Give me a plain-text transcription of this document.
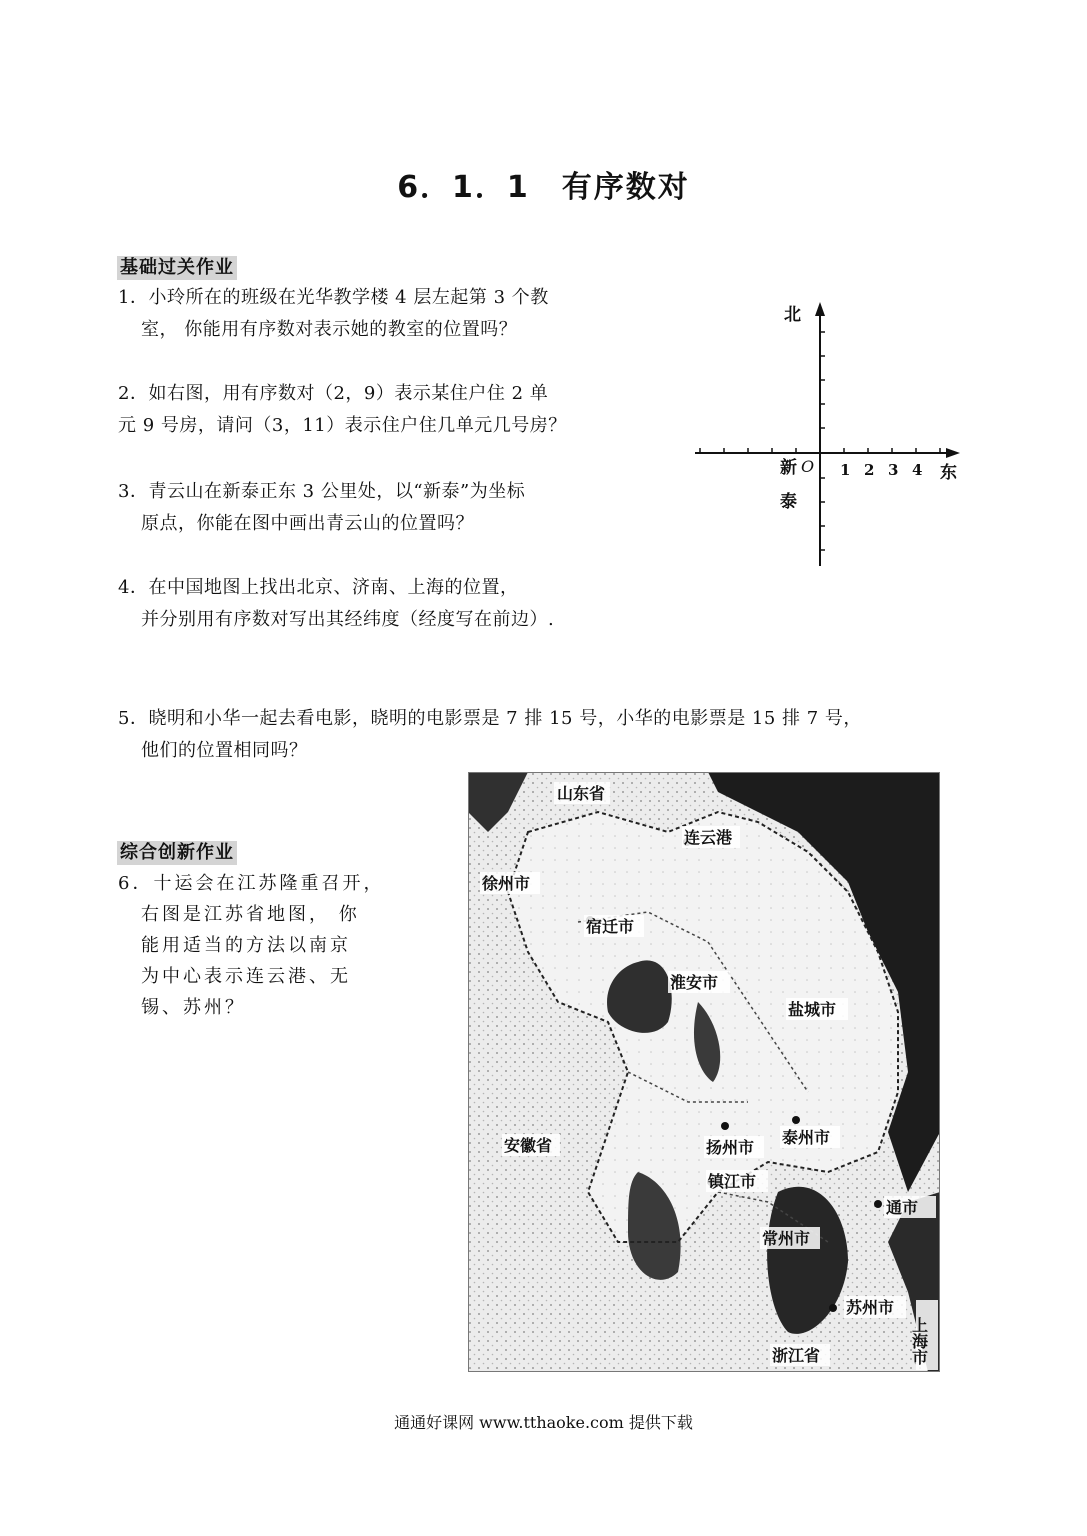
6．1．1　有序数对
基础过关作业
1．小玲所在的班级在光华教学楼 4 层左起第 3 个教
室， 你能用有序数对表示她的教室的位置吗？
2．如右图，用有序数对（2，9）表示某住户住 2 单
元 9 号房，请问（3，11）表示住户住几单元几号房？
3．青云山在新泰正东 3 公里处，以“新泰”为坐标
原点，你能在图中画出青云山的位置吗？
4．在中国地图上找出北京、济南、上海的位置，
并分别用有序数对写出其经纬度（经度写在前边）.
5．晓明和小华一起去看电影，晓明的电影票是 7 排 15 号，小华的电影票是 15 排 7 号，
他们的位置相同吗？
北
东
新
泰
O 1 2 3 4
综合创新作业
6．十运会在江苏隆重召开，
右图是江苏省地图， 你
能用适当的方法以南京
为中心表示连云港、无
锡、苏州？
山东省
连云港
徐州市
宿迁市
淮安市
盐城市
安徽省	扬州市
泰州市
镇江市
通市
常州市
苏州市
浙江省	上海市
通通好课网 www.tthaoke.com 提供下载
